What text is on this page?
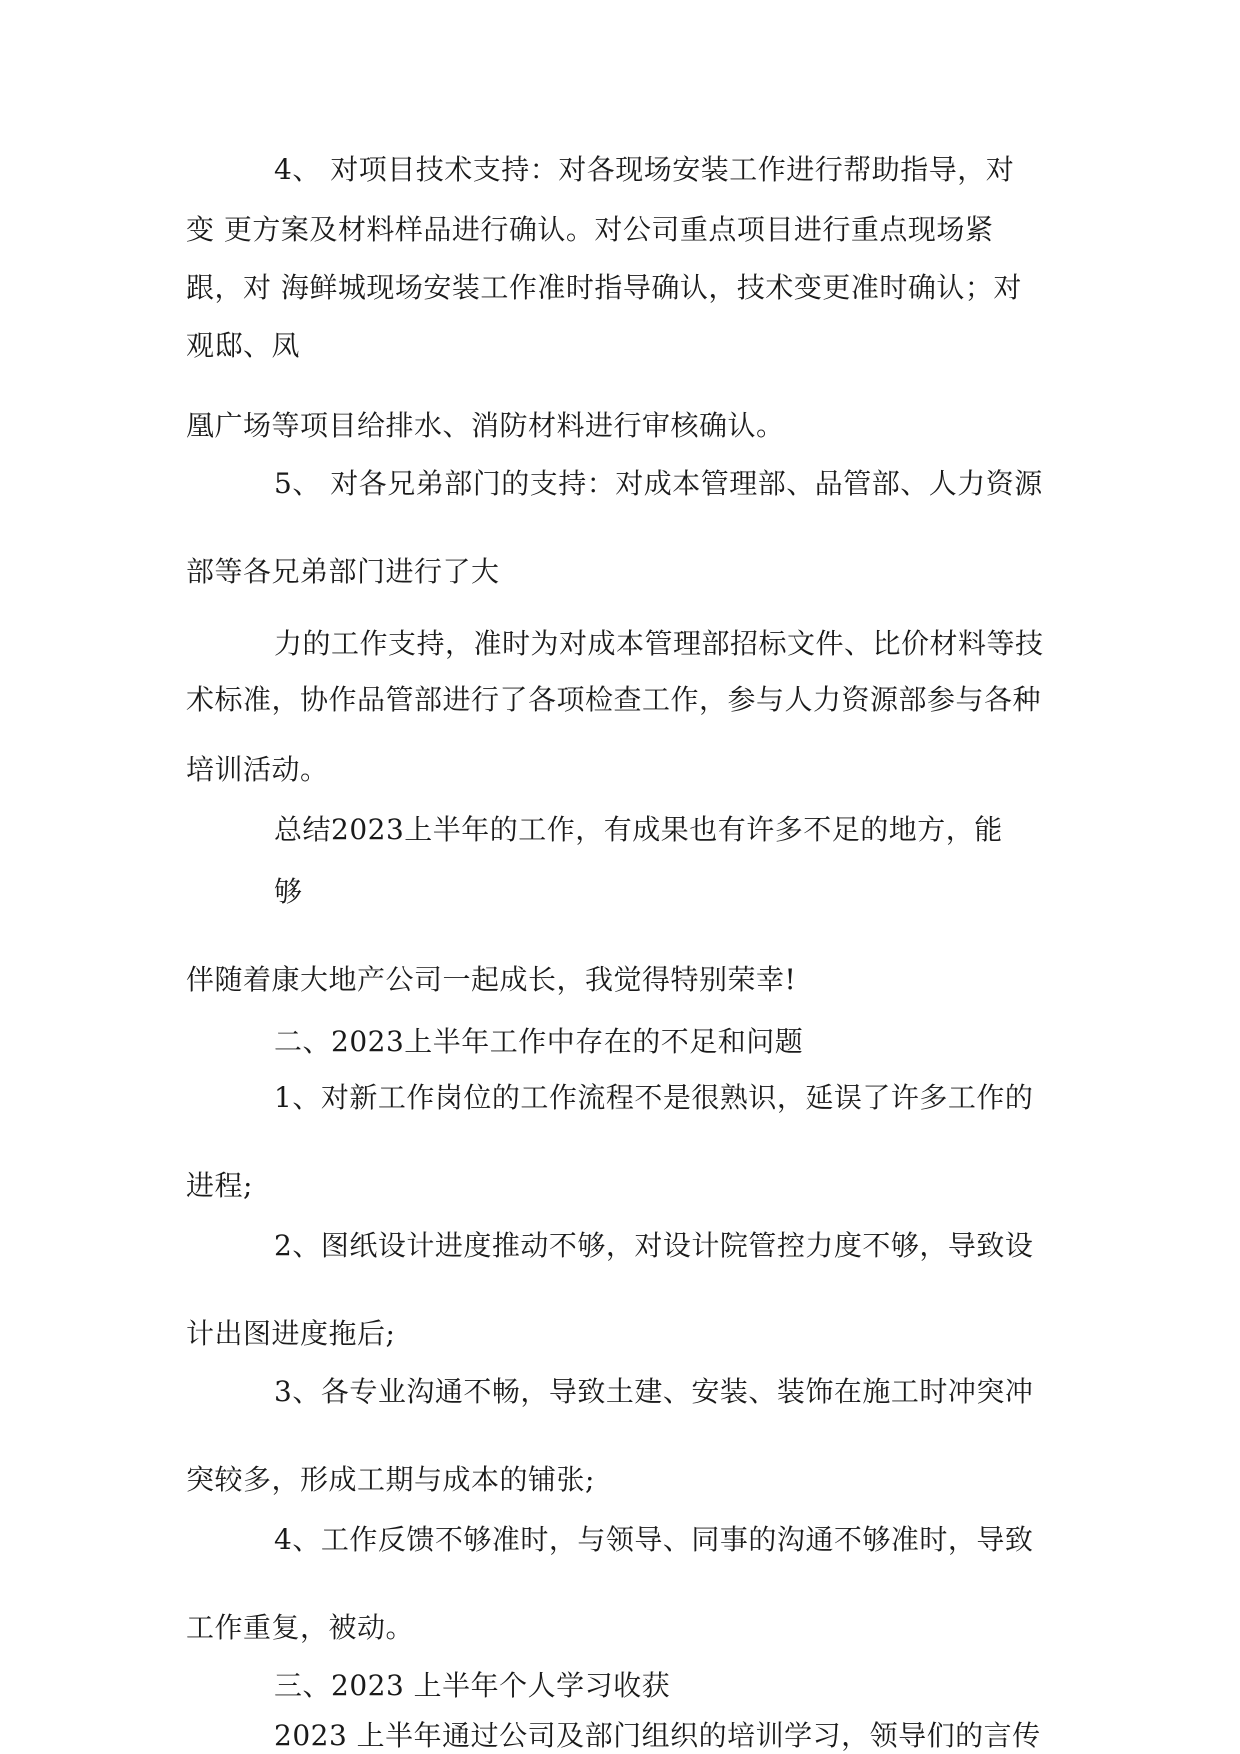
4、 对项目技术支持：对各现场安装工作进行帮助指导，对
变 更方案及材料样品进行确认。对公司重点项目进行重点现场紧
跟，对 海鲜城现场安装工作准时指导确认，技术变更准时确认；对
观邸、凤
凰广场等项目给排水、消防材料进行审核确认。
5、 对各兄弟部门的支持：对成本管理部、品管部、人力资源
部等各兄弟部门进行了大
力的工作支持，准时为对成本管理部招标文件、比价材料等技
术标准，协作品管部进行了各项检查工作，参与人力资源部参与各种
培训活动。
总结2023上半年的工作，有成果也有许多不足的地方，能
够
伴随着康大地产公司一起成长，我觉得特别荣幸!
二、2023上半年工作中存在的不足和问题
1、对新工作岗位的工作流程不是很熟识，延误了许多工作的
进程;
2、图纸设计进度推动不够，对设计院管控力度不够，导致设
计出图进度拖后;
3、各专业沟通不畅，导致土建、安装、装饰在施工时冲突冲
突较多，形成工期与成本的铺张;
4、工作反馈不够准时，与领导、同事的沟通不够准时，导致
工作重复，被动。
三、2023 上半年个人学习收获
2023 上半年通过公司及部门组织的培训学习，领导们的言传
